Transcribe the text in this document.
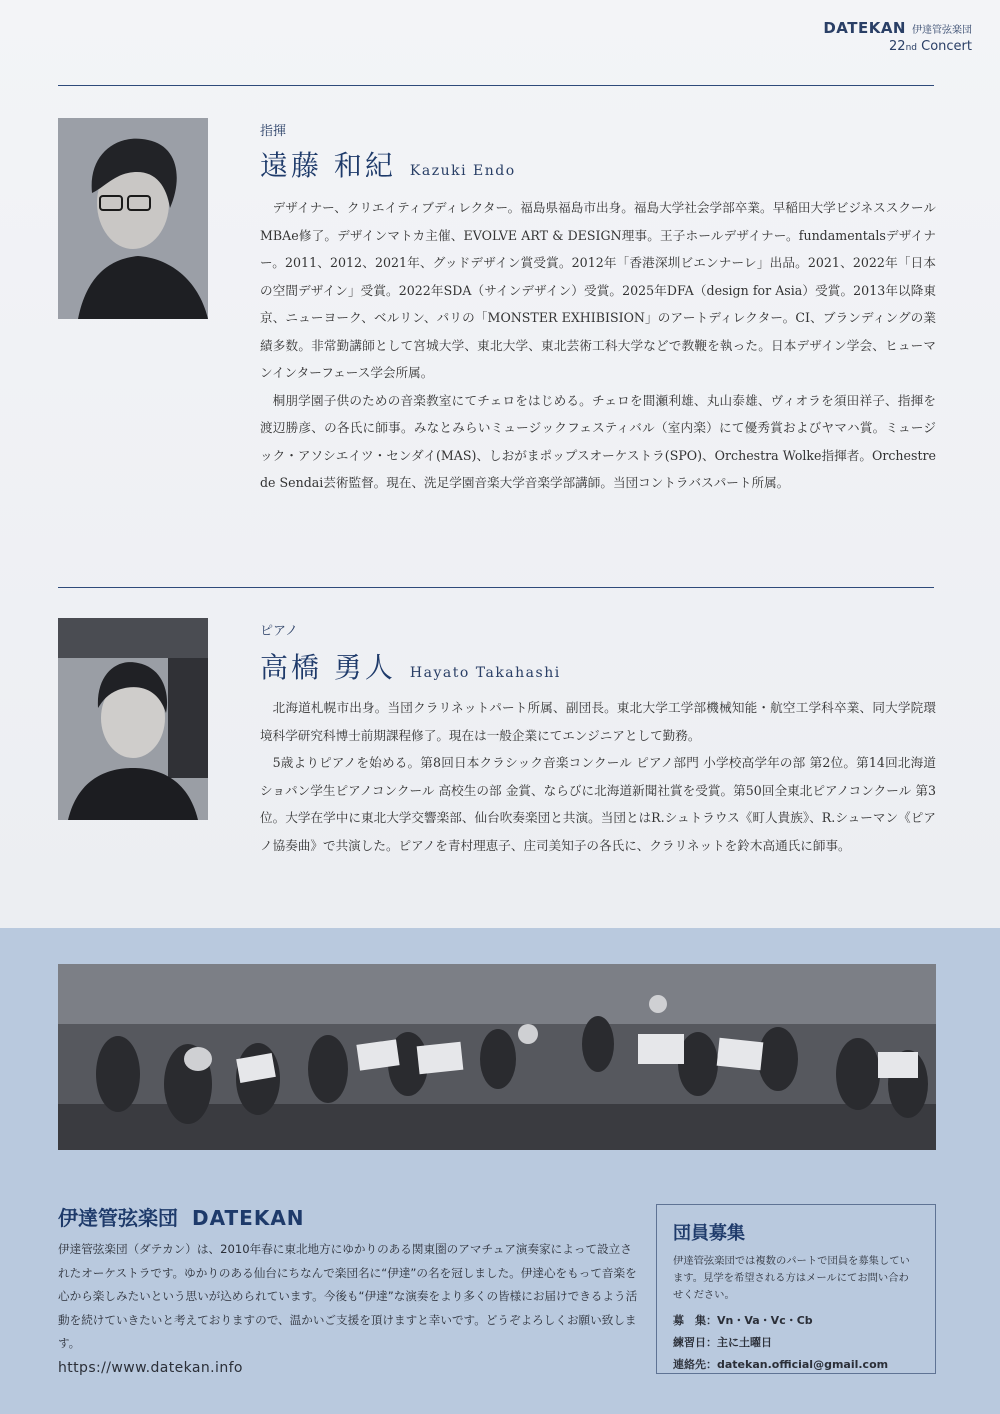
DATEKAN 伊達管弦楽団
22nd Concert
指揮
遠藤 和紀 Kazuki Endo

デザイナー、クリエイティブディレクター。福島県福島市出身。福島大学社会学部卒業。早稲田大学ビジネススクールMBAe修了。デザインマトカ主催、EVOLVE ART & DESIGN理事。王子ホールデザイナー。fundamentalsデザイナー。2011、2012、2021年、グッドデザイン賞受賞。2012年「香港深圳ビエンナーレ」出品。2021、2022年「日本の空間デザイン」受賞。2022年SDA（サインデザイン）受賞。2025年DFA（design for Asia）受賞。2013年以降東京、ニューヨーク、ベルリン、パリの「MONSTER EXHIBISION」のアートディレクター。CI、ブランディングの業績多数。非常勤講師として宮城大学、東北大学、東北芸術工科大学などで教鞭を執った。日本デザイン学会、ヒューマンインターフェース学会所属。

桐朋学園子供のための音楽教室にてチェロをはじめる。チェロを間瀬利雄、丸山泰雄、ヴィオラを須田祥子、指揮を渡辺勝彦、の各氏に師事。みなとみらいミュージックフェスティバル（室内楽）にて優秀賞およびヤマハ賞。ミュージック・アソシエイツ・センダイ(MAS)、しおがまポップスオーケストラ(SPO)、Orchestra Wolke指揮者。Orchestre de Sendai芸術監督。現在、洗足学園音楽大学音楽学部講師。当団コントラバスパート所属。

ピアノ
高橋 勇人 Hayato Takahashi

北海道札幌市出身。当団クラリネットパート所属、副団長。東北大学工学部機械知能・航空工学科卒業、同大学院環境科学研究科博士前期課程修了。現在は一般企業にてエンジニアとして勤務。

5歳よりピアノを始める。第8回日本クラシック音楽コンクール ピアノ部門 小学校高学年の部 第2位。第14回北海道ショパン学生ピアノコンクール 高校生の部 金賞、ならびに北海道新聞社賞を受賞。第50回全東北ピアノコンクール 第3位。大学在学中に東北大学交響楽部、仙台吹奏楽団と共演。当団とはR.シュトラウス《町人貴族》、R.シューマン《ピアノ協奏曲》で共演した。ピアノを青村理恵子、庄司美知子の各氏に、クラリネットを鈴木高通氏に師事。

伊達管弦楽団 DATEKAN
伊達管弦楽団（ダテカン）は、2010年春に東北地方にゆかりのある関東圏のアマチュア演奏家によって設立されたオーケストラです。ゆかりのある仙台にちなんで楽団名に“伊達”の名を冠しました。伊達心をもって音楽を心から楽しみたいという思いが込められています。今後も“伊達”な演奏をより多くの皆様にお届けできるよう活動を続けていきたいと考えておりますので、温かいご支援を頂けますと幸いです。どうぞよろしくお願い致します。
https://www.datekan.info
団員募集
伊達管弦楽団では複数のパートで団員を募集しています。見学を希望される方はメールにてお問い合わせください。
募　集：Vn・Va・Vc・Cb
練習日：主に土曜日
連絡先：datekan.official@gmail.com
